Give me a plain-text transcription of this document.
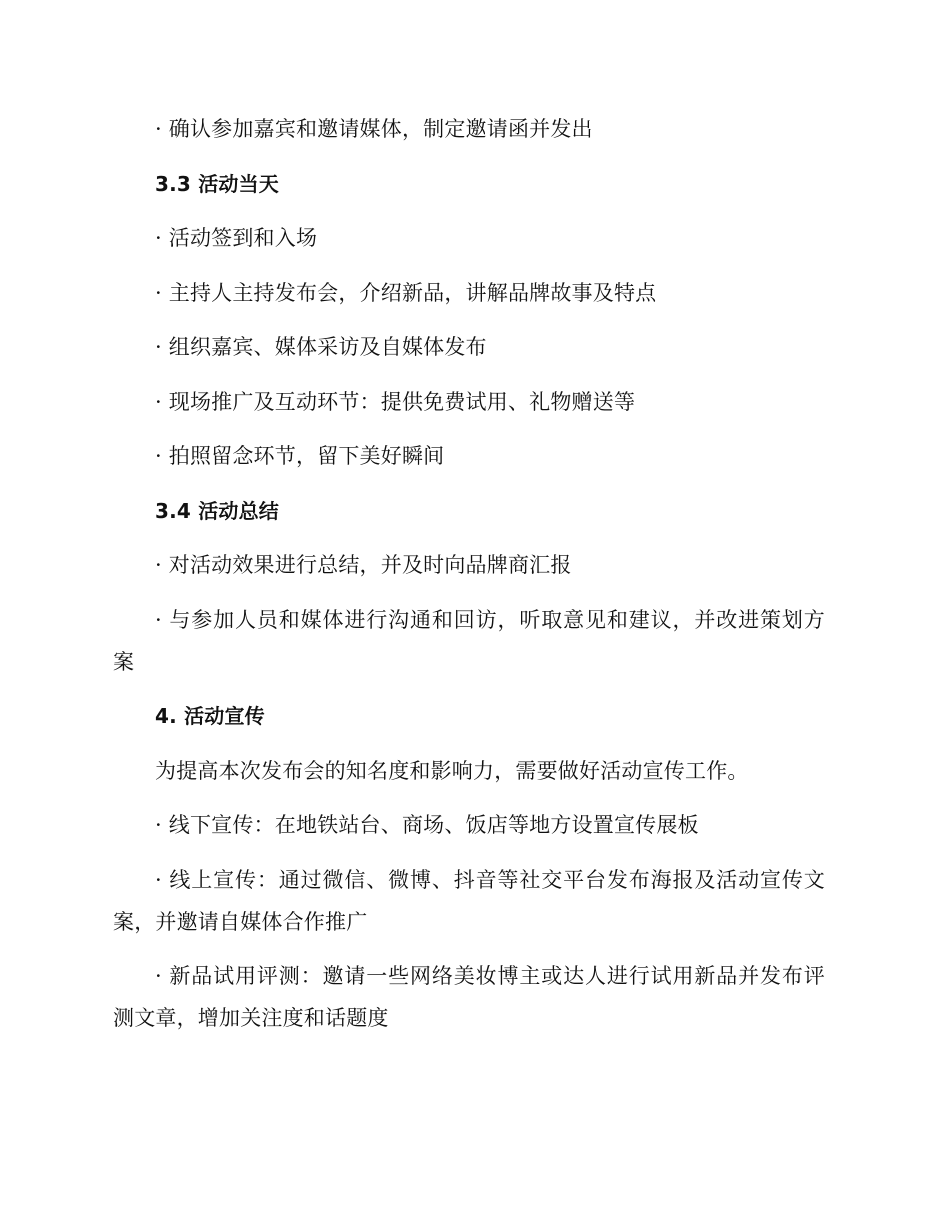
· 确认参加嘉宾和邀请媒体，制定邀请函并发出

3.3 活动当天

· 活动签到和入场

· 主持人主持发布会，介绍新品，讲解品牌故事及特点

· 组织嘉宾、媒体采访及自媒体发布

· 现场推广及互动环节：提供免费试用、礼物赠送等

· 拍照留念环节，留下美好瞬间

3.4 活动总结

· 对活动效果进行总结，并及时向品牌商汇报

· 与参加人员和媒体进行沟通和回访，听取意见和建议，并改进策划方案

4. 活动宣传

为提高本次发布会的知名度和影响力，需要做好活动宣传工作。

· 线下宣传：在地铁站台、商场、饭店等地方设置宣传展板

· 线上宣传：通过微信、微博、抖音等社交平台发布海报及活动宣传文案，并邀请自媒体合作推广

· 新品试用评测：邀请一些网络美妆博主或达人进行试用新品并发布评测文章，增加关注度和话题度
